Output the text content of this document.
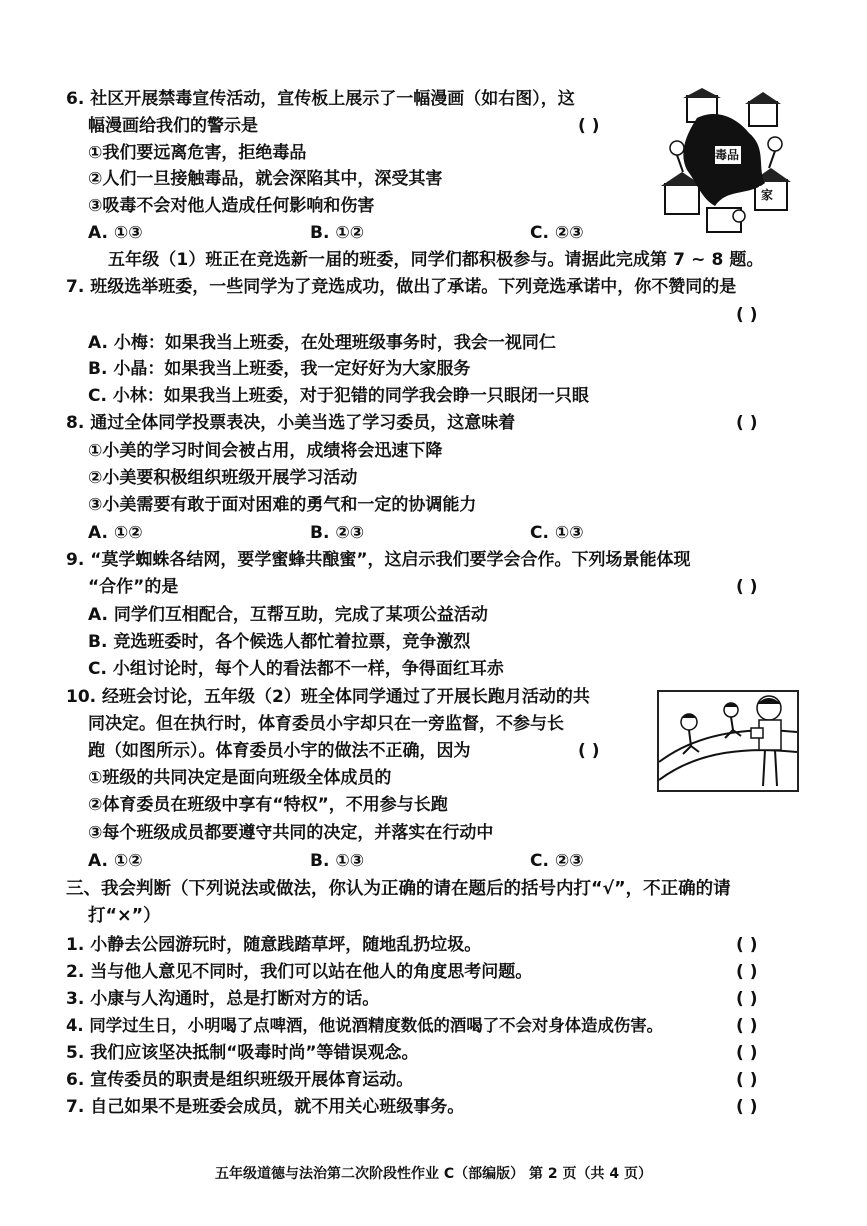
6. 社区开展禁毒宣传活动，宣传板上展示了一幅漫画（如右图），这
幅漫画给我们的警示是	( )
①我们要远离危害，拒绝毒品
②人们一旦接触毒品，就会深陷其中，深受其害
③吸毒不会对他人造成任何影响和伤害
A. ①③	B. ①②	C. ②③
家
毒品
五年级（1）班正在竞选新一届的班委，同学们都积极参与。请据此完成第 7 ~ 8 题。
7. 班级选举班委，一些同学为了竞选成功，做出了承诺。下列竞选承诺中，你不赞同的是
( )
A. 小梅：如果我当上班委，在处理班级事务时，我会一视同仁
B. 小晶：如果我当上班委，我一定好好为大家服务
C. 小林：如果我当上班委，对于犯错的同学我会睁一只眼闭一只眼
8. 通过全体同学投票表决，小美当选了学习委员，这意味着	( )
①小美的学习时间会被占用，成绩将会迅速下降
②小美要积极组织班级开展学习活动
③小美需要有敢于面对困难的勇气和一定的协调能力
A. ①②	B. ②③	C. ①③
9. “莫学蜘蛛各结网，要学蜜蜂共酿蜜”，这启示我们要学会合作。下列场景能体现
“合作”的是	( )
A. 同学们互相配合，互帮互助，完成了某项公益活动
B. 竞选班委时，各个候选人都忙着拉票，竞争激烈
C. 小组讨论时，每个人的看法都不一样，争得面红耳赤
10. 经班会讨论，五年级（2）班全体同学通过了开展长跑月活动的共
同决定。但在执行时，体育委员小宇却只在一旁监督，不参与长
跑（如图所示）。体育委员小宇的做法不正确，因为	( )
①班级的共同决定是面向班级全体成员的
②体育委员在班级中享有“特权”，不用参与长跑
③每个班级成员都要遵守共同的决定，并落实在行动中
A. ①②	B. ①③	C. ②③
三、我会判断（下列说法或做法，你认为正确的请在题后的括号内打“√”，不正确的请
打“×”）
1. 小静去公园游玩时，随意践踏草坪，随地乱扔垃圾。	( )
2. 当与他人意见不同时，我们可以站在他人的角度思考问题。	( )
3. 小康与人沟通时，总是打断对方的话。	( )
4. 同学过生日，小明喝了点啤酒，他说酒精度数低的酒喝了不会对身体造成伤害。	( )
5. 我们应该坚决抵制“吸毒时尚”等错误观念。	( )
6. 宣传委员的职责是组织班级开展体育运动。	( )
7. 自己如果不是班委会成员，就不用关心班级事务。	( )
五年级道德与法治第二次阶段性作业 C（部编版） 第 2 页（共 4 页）
